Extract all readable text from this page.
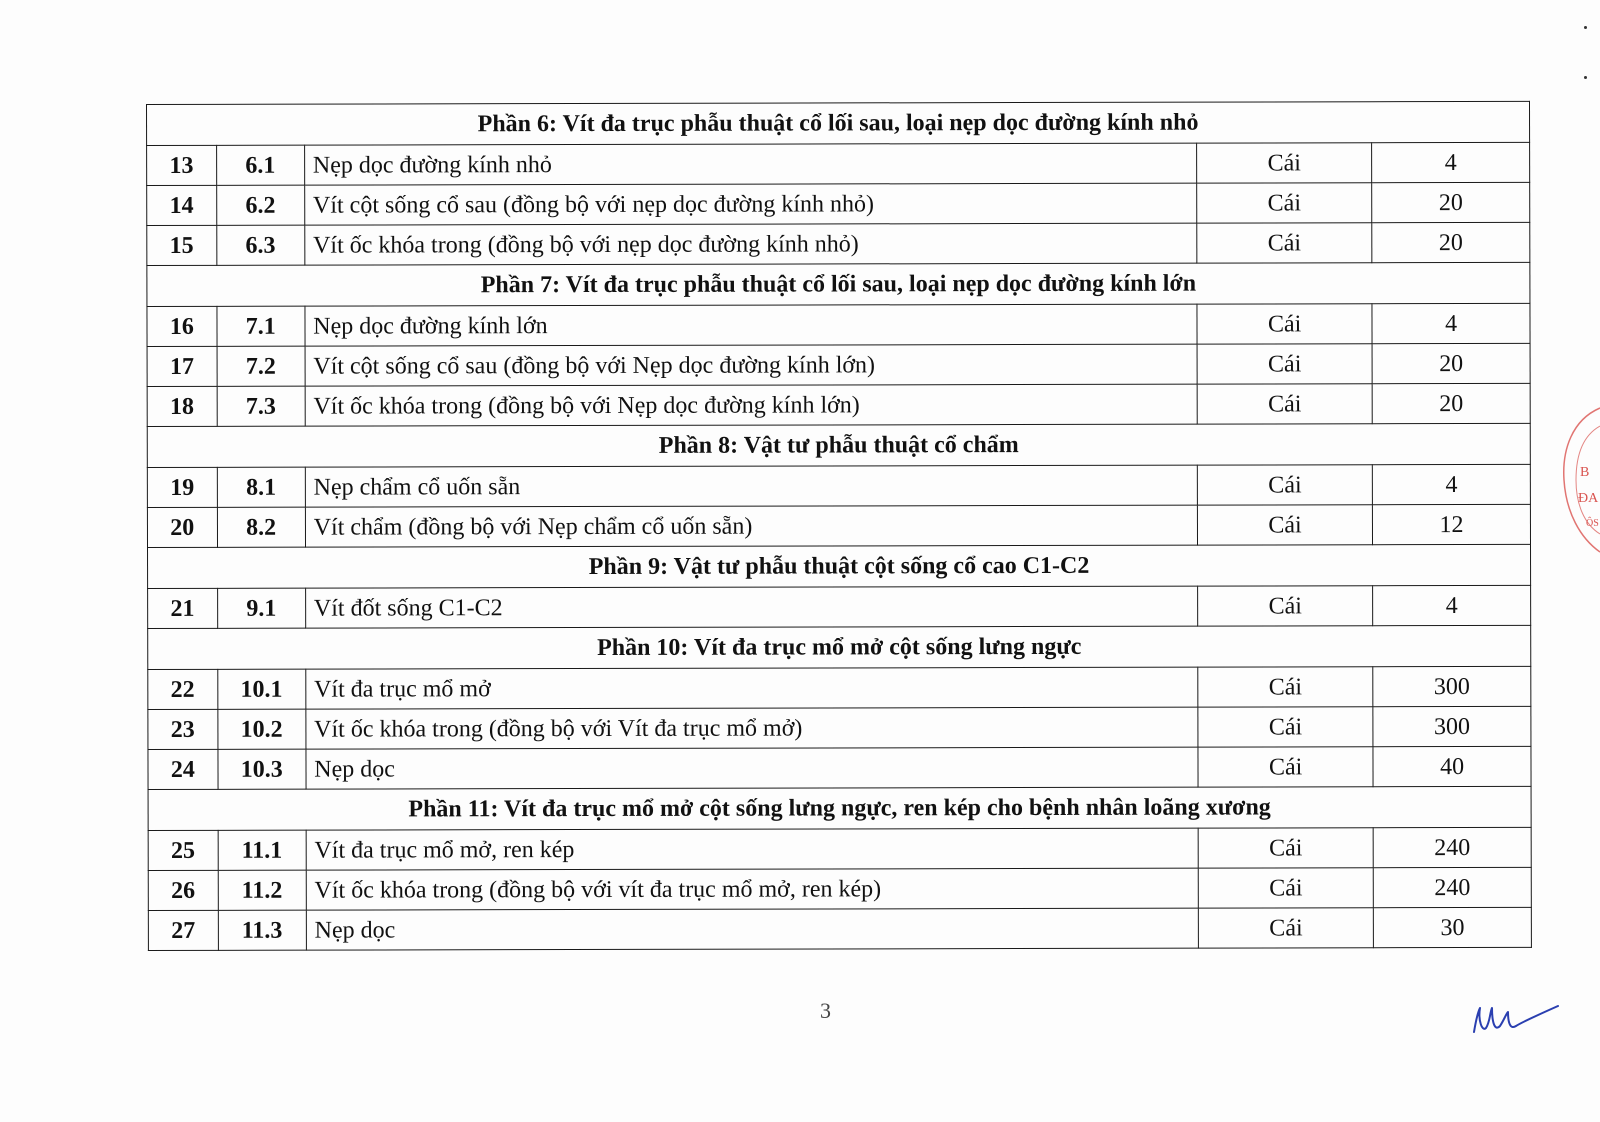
Phần 6: Vít đa trục phẫu thuật cổ lối sau, loại nẹp dọc đường kính nhỏ				
13	6.1	Nẹp dọc đường kính nhỏ	Cái	4
14	6.2	Vít cột sống cổ sau (đồng bộ với nẹp dọc đường kính nhỏ)	Cái	20
15	6.3	Vít ốc khóa trong (đồng bộ với nẹp dọc đường kính nhỏ)	Cái	20
Phần 7: Vít đa trục phẫu thuật cổ lối sau, loại nẹp dọc đường kính lớn				
16	7.1	Nẹp dọc đường kính lớn	Cái	4
17	7.2	Vít cột sống cổ sau (đồng bộ với Nẹp dọc đường kính lớn)	Cái	20
18	7.3	Vít ốc khóa trong (đồng bộ với Nẹp dọc đường kính lớn)	Cái	20
Phần 8: Vật tư phẫu thuật cổ chẩm				
19	8.1	Nẹp chẩm cổ uốn sẵn	Cái	4
20	8.2	Vít chẩm (đồng bộ với Nẹp chẩm cổ uốn sẵn)	Cái	12
Phần 9: Vật tư phẫu thuật cột sống cổ cao C1-C2				
21	9.1	Vít đốt sống C1-C2	Cái	4
Phần 10: Vít đa trục mổ mở cột sống lưng ngực				
22	10.1	Vít đa trục mổ mở	Cái	300
23	10.2	Vít ốc khóa trong (đồng bộ với Vít đa trục mổ mở)	Cái	300
24	10.3	Nẹp dọc	Cái	40
Phần 11: Vít đa trục mổ mở cột sống lưng ngực, ren kép cho bệnh nhân loãng xương				
25	11.1	Vít đa trục mổ mở, ren kép	Cái	240
26	11.2	Vít ốc khóa trong (đồng bộ với vít đa trục mổ mở, ren kép)	Cái	240
27	11.3	Nẹp dọc	Cái	30
3
B
ĐA
ÔS
